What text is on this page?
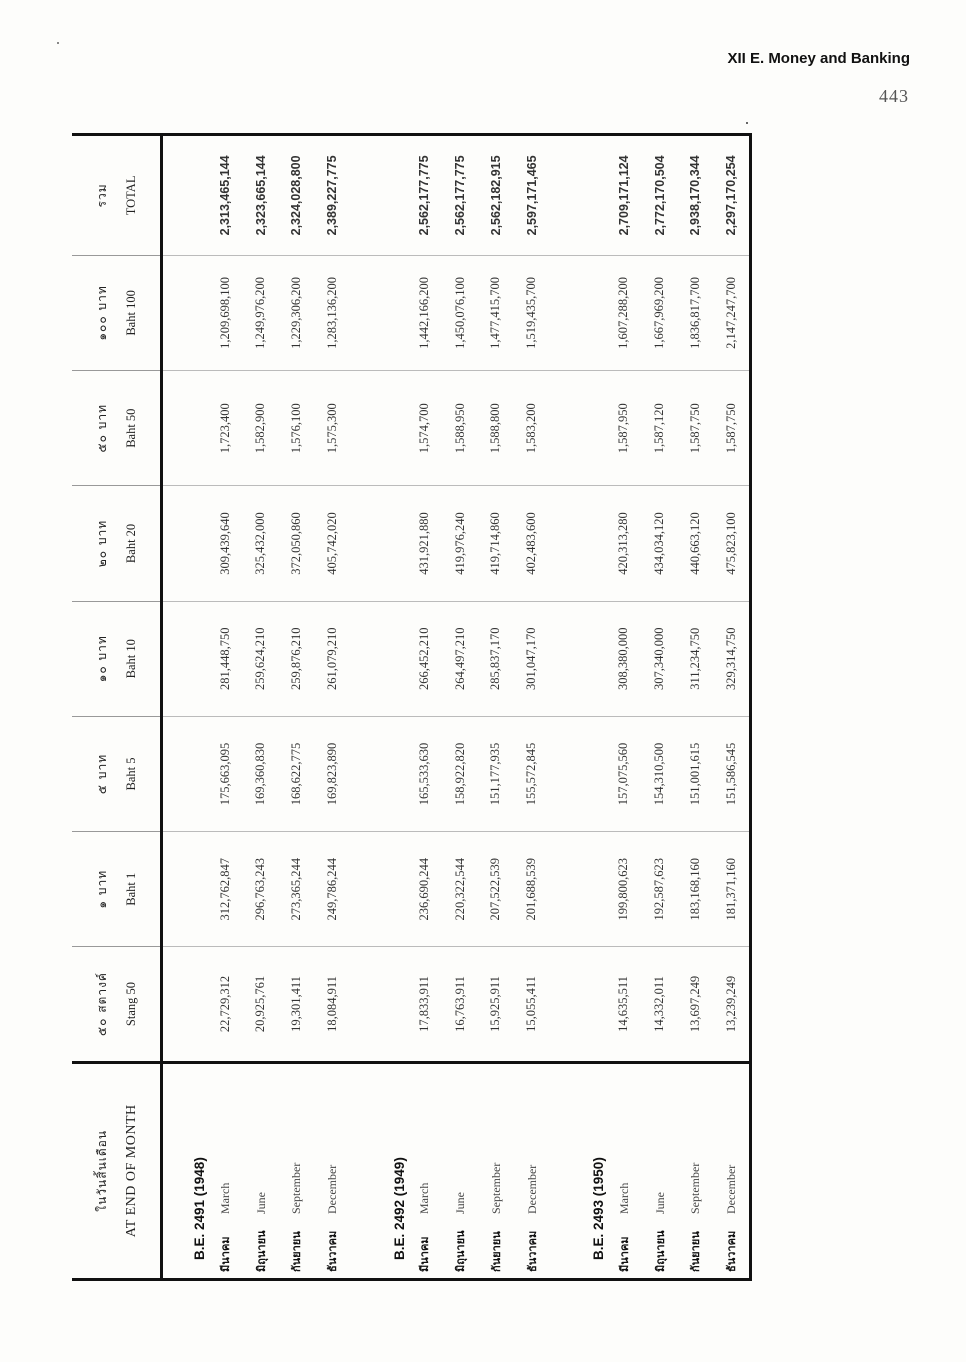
XII E. Money and Banking
443
ในวันสิ้นเดือน AT END OF MONTH	๕๐ สตางค์ Stang 50	๑ บาท Baht 1	๕ บาท Baht 5	๑๐ บาท Baht 10	๒๐ บาท Baht 20	๕๐ บาท Baht 50	๑๐๐ บาท Baht 100	รวม TOTAL

B.E. 2491 (1948)								
มีนาคมMarch	22,729,312	312,762,847	175,663,095	281,448,750	309,439,640	1,723,400	1,209,698,100	2,313,465,144
มิถุนายนJune	20,925,761	296,763,243	169,360,830	259,624,210	325,432,000	1,582,900	1,249,976,200	2,323,665,144
กันยายนSeptember	19,301,411	273,365,244	168,622,775	259,876,210	372,050,860	1,576,100	1,229,306,200	2,324,028,800
ธันวาคมDecember	18,084,911	249,786,244	169,823,890	261,079,210	405,742,020	1,575,300	1,283,136,200	2,389,227,775

B.E. 2492 (1949)								
มีนาคมMarch	17,833,911	236,690,244	165,533,630	266,452,210	431,921,880	1,574,700	1,442,166,200	2,562,177,775
มิถุนายนJune	16,763,911	220,322,544	158,922,820	264,497,210	419,976,240	1,588,950	1,450,076,100	2,562,177,775
กันยายนSeptember	15,925,911	207,522,539	151,177,935	285,837,170	419,714,860	1,588,800	1,477,415,700	2,562,182,915
ธันวาคมDecember	15,055,411	201,688,539	155,572,845	301,047,170	402,483,600	1,583,200	1,519,435,700	2,597,171,465

B.E. 2493 (1950)								
มีนาคมMarch	14,635,511	199,800,623	157,075,560	308,380,000	420,313,280	1,587,950	1,607,288,200	2,709,171,124
มิถุนายนJune	14,332,011	192,587,623	154,310,500	307,340,000	434,034,120	1,587,120	1,667,969,200	2,772,170,504
กันยายนSeptember	13,697,249	183,168,160	151,001,615	311,234,750	440,663,120	1,587,750	1,836,817,700	2,938,170,344
ธันวาคมDecember	13,239,249	181,371,160	151,586,545	329,314,750	475,823,100	1,587,750	2,147,247,700	2,297,170,254
